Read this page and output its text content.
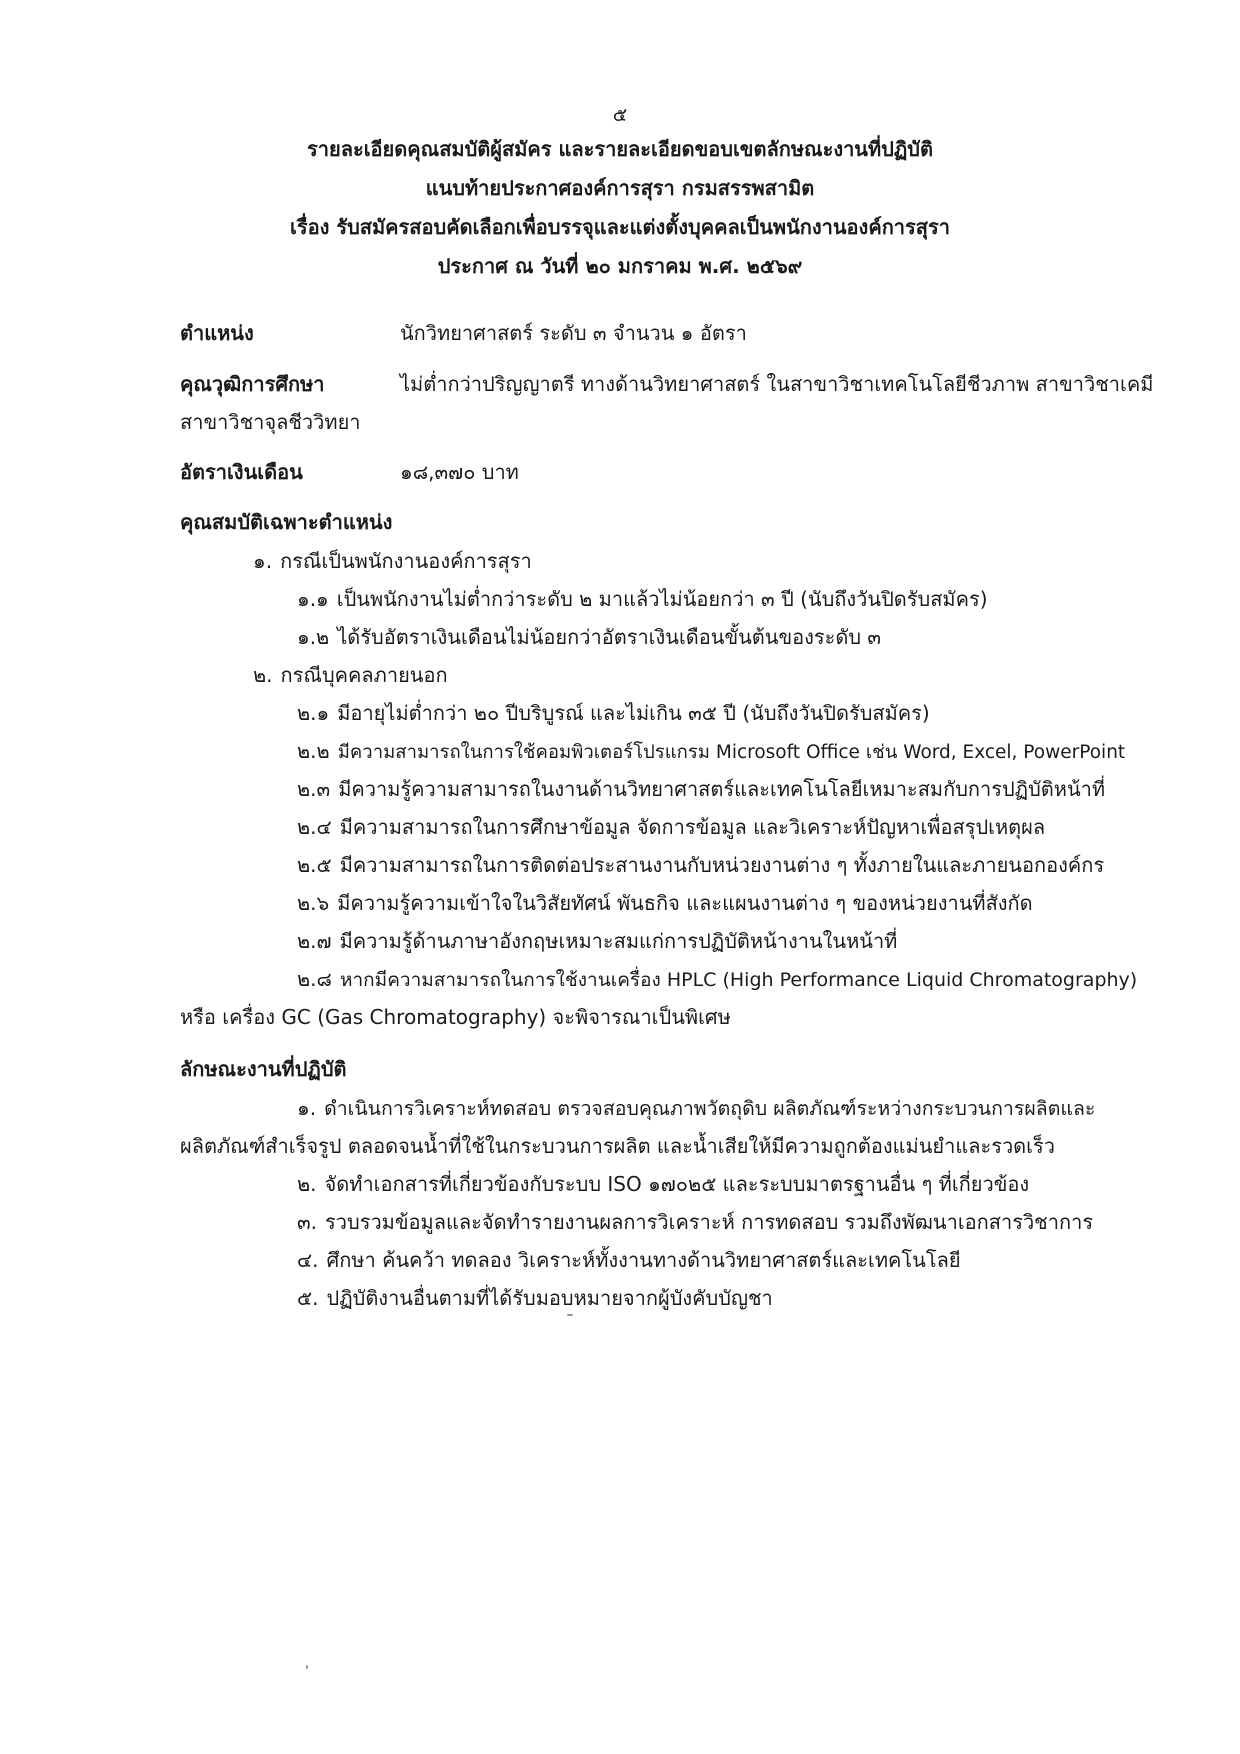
๕
รายละเอียดคุณสมบัติผู้สมัคร และรายละเอียดขอบเขตลักษณะงานที่ปฏิบัติ
แนบท้ายประกาศองค์การสุรา กรมสรรพสามิต
เรื่อง รับสมัครสอบคัดเลือกเพื่อบรรจุและแต่งตั้งบุคคลเป็นพนักงานองค์การสุรา
ประกาศ ณ วันที่ ๒๐ มกราคม พ.ศ. ๒๕๖๙
ตำแหน่ง	นักวิทยาศาสตร์ ระดับ ๓ จำนวน ๑ อัตรา
คุณวุฒิการศึกษา	ไม่ต่ำกว่าปริญญาตรี ทางด้านวิทยาศาสตร์ ในสาขาวิชาเทคโนโลยีชีวภาพ สาขาวิชาเคมี
สาขาวิชาจุลชีววิทยา
อัตราเงินเดือน	๑๘,๓๗๐ บาท
คุณสมบัติเฉพาะตำแหน่ง
๑. กรณีเป็นพนักงานองค์การสุรา
๑.๑ เป็นพนักงานไม่ต่ำกว่าระดับ ๒ มาแล้วไม่น้อยกว่า ๓ ปี (นับถึงวันปิดรับสมัคร)
๑.๒ ได้รับอัตราเงินเดือนไม่น้อยกว่าอัตราเงินเดือนขั้นต้นของระดับ ๓
๒. กรณีบุคคลภายนอก
๒.๑ มีอายุไม่ต่ำกว่า ๒๐ ปีบริบูรณ์ และไม่เกิน ๓๕ ปี (นับถึงวันปิดรับสมัคร)
๒.๒ มีความสามารถในการใช้คอมพิวเตอร์โปรแกรม Microsoft Office เช่น Word, Excel, PowerPoint
๒.๓ มีความรู้ความสามารถในงานด้านวิทยาศาสตร์และเทคโนโลยีเหมาะสมกับการปฏิบัติหน้าที่
๒.๔ มีความสามารถในการศึกษาข้อมูล จัดการข้อมูล และวิเคราะห์ปัญหาเพื่อสรุปเหตุผล
๒.๕ มีความสามารถในการติดต่อประสานงานกับหน่วยงานต่าง ๆ ทั้งภายในและภายนอกองค์กร
๒.๖ มีความรู้ความเข้าใจในวิสัยทัศน์ พันธกิจ และแผนงานต่าง ๆ ของหน่วยงานที่สังกัด
๒.๗ มีความรู้ด้านภาษาอังกฤษเหมาะสมแก่การปฏิบัติหน้างานในหน้าที่
๒.๘ หากมีความสามารถในการใช้งานเครื่อง HPLC (High Performance Liquid Chromatography)
หรือ เครื่อง GC (Gas Chromatography) จะพิจารณาเป็นพิเศษ
ลักษณะงานที่ปฏิบัติ
๑. ดำเนินการวิเคราะห์ทดสอบ ตรวจสอบคุณภาพวัตถุดิบ ผลิตภัณฑ์ระหว่างกระบวนการผลิตและ
ผลิตภัณฑ์สำเร็จรูป ตลอดจนน้ำที่ใช้ในกระบวนการผลิต และน้ำเสียให้มีความถูกต้องแม่นยำและรวดเร็ว
๒. จัดทำเอกสารที่เกี่ยวข้องกับระบบ ISO ๑๗๐๒๕ และระบบมาตรฐานอื่น ๆ ที่เกี่ยวข้อง
๓. รวบรวมข้อมูลและจัดทำรายงานผลการวิเคราะห์ การทดสอบ รวมถึงพัฒนาเอกสารวิชาการ
๔. ศึกษา ค้นคว้า ทดลอง วิเคราะห์ทั้งงานทางด้านวิทยาศาสตร์และเทคโนโลยี
๕. ปฏิบัติงานอื่นตามที่ได้รับมอบหมายจากผู้บังคับบัญชา
